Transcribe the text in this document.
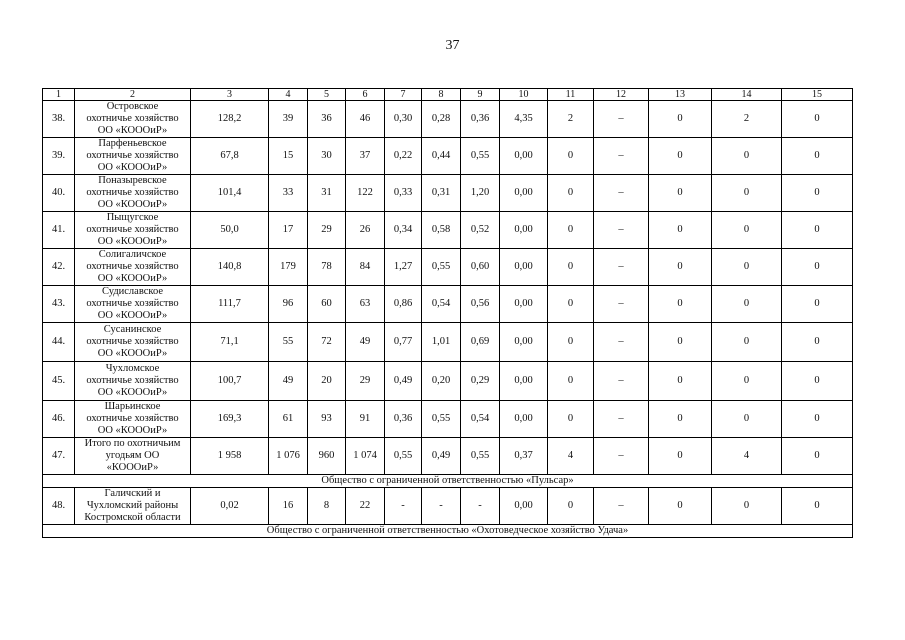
37
1	2	3	4	5	6	7	8	9	10	11	12	13	14	15
38.	Островское
охотничье хозяйство
ОО «КОООиР»	128,2	39	36	46	0,30	0,28	0,36	4,35	2	–	0	2	0
39.	Парфеньевское
охотничье хозяйство
ОО «КОООиР»	67,8	15	30	37	0,22	0,44	0,55	0,00	0	–	0	0	0
40.	Поназыревское
охотничье хозяйство
ОО «КОООиР»	101,4	33	31	122	0,33	0,31	1,20	0,00	0	–	0	0	0
41.	Пыщугское
охотничье хозяйство
ОО «КОООиР»	50,0	17	29	26	0,34	0,58	0,52	0,00	0	–	0	0	0
42.	Солигаличское
охотничье хозяйство
ОО «КОООиР»	140,8	179	78	84	1,27	0,55	0,60	0,00	0	–	0	0	0
43.	Судиславское
охотничье хозяйство
ОО «КОООиР»	111,7	96	60	63	0,86	0,54	0,56	0,00	0	–	0	0	0
44.	Сусанинское
охотничье хозяйство
ОО «КОООиР»	71,1	55	72	49	0,77	1,01	0,69	0,00	0	–	0	0	0
45.	Чухломское
охотничье хозяйство
ОО «КОООиР»	100,7	49	20	29	0,49	0,20	0,29	0,00	0	–	0	0	0
46.	Шарьинское
охотничье хозяйство
ОО «КОООиР»	169,3	61	93	91	0,36	0,55	0,54	0,00	0	–	0	0	0
47.	Итого по охотничьим
угодьям ОО
«КОООиР»	1 958	1 076	960	1 074	0,55	0,49	0,55	0,37	4	–	0	4	0
Общество с ограниченной ответственностью «Пульсар»														
48.	Галичский и
Чухломский районы
Костромской области	0,02	16	8	22	-	-	-	0,00	0	–	0	0	0
Общество с ограниченной ответственностью «Охотоведческое хозяйство Удача»														
